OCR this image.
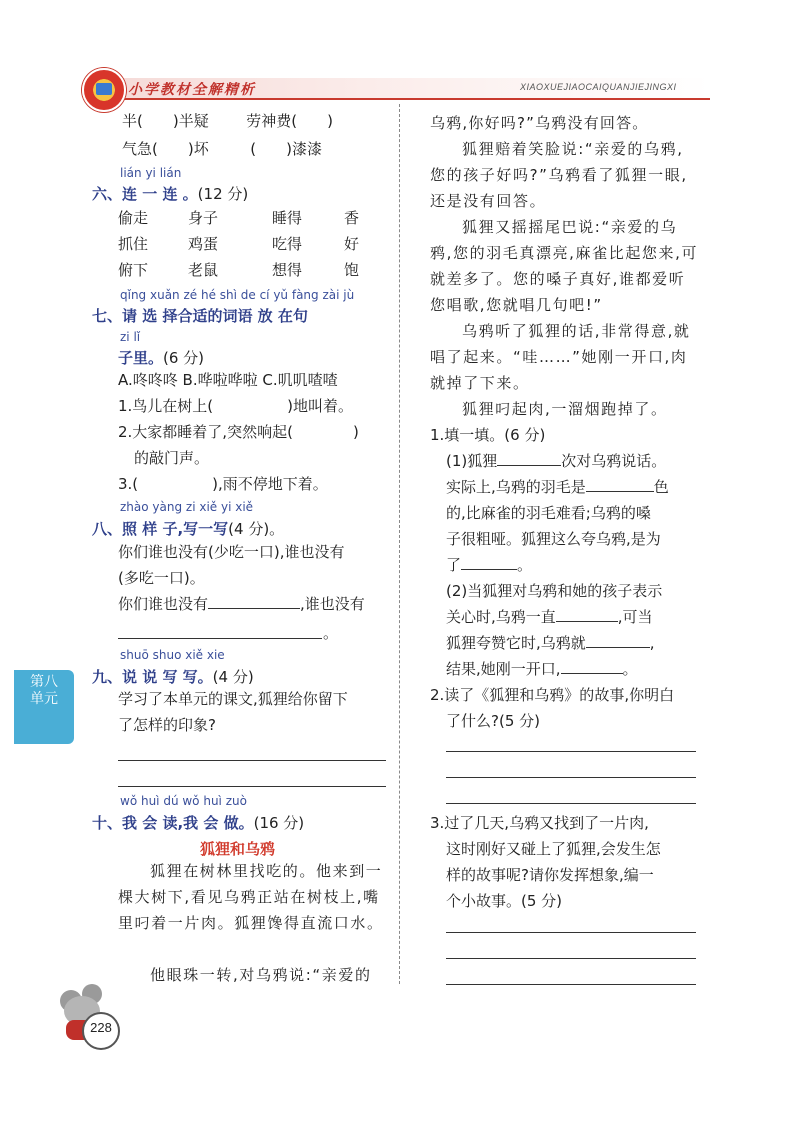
小学教材全解精析	XIAOXUEJIAOCAIQUANJIEJINGXI
半( )半疑	劳神费( )
气急( )坏	( )漆漆
lián yi lián
六、连 一 连 。(12 分)
偷走	身子	睡得	香
抓住	鸡蛋	吃得	好
俯下	老鼠	想得	饱
qǐng xuǎn zé hé shì de cí yǔ fàng zài jù
七、请 选 择合适的词语 放 在句
zi lǐ
子里。(6 分)
A.咚咚咚 B.哗啦哗啦 C.叽叽喳喳
1.鸟儿在树上(	)地叫着。
2.大家都睡着了,突然响起(	)
的敲门声。
3.(	),雨不停地下着。
zhào yàng zi xiě yi xiě
八、照 样 子,写一写(4 分)。
你们谁也没有(少吃一口),谁也没有
(多吃一口)。
你们谁也没有	,谁也没有
。
shuō shuo xiě xie
九、说 说 写 写。(4 分)
学习了本单元的课文,狐狸给你留下
了怎样的印象?
wǒ huì dú wǒ huì zuò
十、我 会 读,我 会 做。(16 分)
狐狸和乌鸦
狐狸在树林里找吃的。他来到一棵大树下,看见乌鸦正站在树枝上,嘴里叼着一片肉。狐狸馋得直流口水。
他眼珠一转,对乌鸦说:“亲爱的
乌鸦,你好吗?”乌鸦没有回答。
狐狸赔着笑脸说:“亲爱的乌鸦,您的孩子好吗?”乌鸦看了狐狸一眼,还是没有回答。
狐狸又摇摇尾巴说:“亲爱的乌鸦,您的羽毛真漂亮,麻雀比起您来,可就差多了。您的嗓子真好,谁都爱听您唱歌,您就唱几句吧!”
乌鸦听了狐狸的话,非常得意,就唱了起来。“哇……”她刚一开口,肉就掉了下来。
狐狸叼起肉,一溜烟跑掉了。
1.填一填。(6 分)
(1)狐狸	次对乌鸦说话。
实际上,乌鸦的羽毛是	色
的,比麻雀的羽毛难看;乌鸦的嗓
子很粗哑。狐狸这么夸乌鸦,是为
了	。
(2)当狐狸对乌鸦和她的孩子表示
关心时,乌鸦一直	,可当
狐狸夸赞它时,乌鸦就	,
结果,她刚一开口,	。
2.读了《狐狸和乌鸦》的故事,你明白
了什么?(5 分)
3.过了几天,乌鸦又找到了一片肉,
这时刚好又碰上了狐狸,会发生怎
样的故事呢?请你发挥想象,编一
个小故事。(5 分)
第八单元
228
